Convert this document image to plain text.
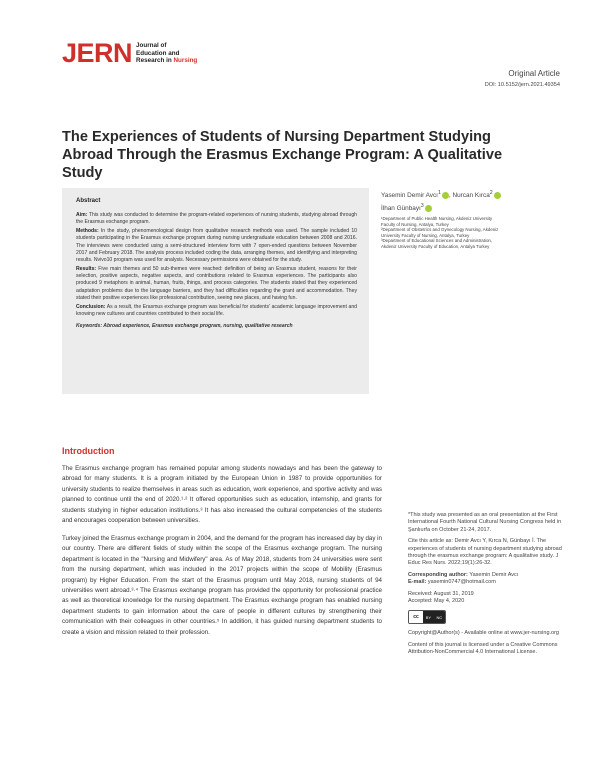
JERN Journal of
Education and
Research in Nursing
Original Article
DOI: 10.5152/jern.2021.49354
The Experiences of Students of Nursing Department Studying Abroad Through the Erasmus Exchange Program: A Qualitative Study
Abstract

Aim: This study was conducted to determine the program-related experiences of nursing students, studying abroad through the Erasmus exchange program.

Methods: In the study, phenomenological design from qualitative research methods was used. The sample included 10 students participating in the Erasmus exchange program during nursing undergraduate education between 2008 and 2016. The interviews were conducted using a semi-structured interview form with 7 open-ended questions between November 2017 and February 2018. The analysis process included coding the data, arranging themes, and identifying and interpreting results. Nvivo10 program was used for analysis. Necessary permissions were obtained for the study.

Results: Five main themes and 50 sub-themes were reached: definition of being an Erasmus student, reasons for their selection, positive aspects, negative aspects, and contributions related to Erasmus experiences. The participants also produced 9 metaphors in animal, human, fruits, things, and process categories. The students stated that they experienced adaptation problems due to the language barriers, and they had difficulties regarding the grant and accommodation. They stated their positive experiences like professional contribution, seeing new places, and having fun.

Conclusion: As a result, the Erasmus exchange program was beneficial for students' academic language improvement and knowing new cultures and countries contributed to their social life.

Keywords: Abroad experience, Erasmus exchange program, nursing, qualitative research

Yasemin Demir Avcı$^1$ , Nurcan Kırca$^2$
İlhan Günbayı$^3$
¹Department of Public Health Nursing, Akdeniz University Faculty of Nursing, Antalya, Turkey
²Department of Obstetrics and Gynecology Nursing, Akdeniz University Faculty of Nursing, Antalya, Turkey
³Department of Educational Sciences and Administration, Akdeniz University Faculty of Education, Antalya Turkey
Introduction

The Erasmus exchange program has remained popular among students nowadays and has been the gateway to abroad for many students. It is a program initiated by the European Union in 1987 to provide opportunities for university students to realize themselves in areas such as education, work experience, and sportive activity and was planned to continue until the end of 2020.¹·² It offered opportunities such as education, internship, and grants for students studying in higher education institutions.³ It has also increased the cultural competencies of the students and encourages cooperation between universities.

Turkey joined the Erasmus exchange program in 2004, and the demand for the program has increased day by day in our country. There are different fields of study within the scope of the Erasmus exchange program. The nursing department is located in the "Nursing and Midwifery" area. As of May 2018, students from 24 universities were sent from the nursing department, which was included in the 2017 projects within the scope of Mobility (Erasmus program) by Higher Education. From the start of the Erasmus program until May 2018, nursing students of 94 universities went abroad.³·⁴ The Erasmus exchange program has provided the opportunity for professional practice as well as theoretical knowledge for the nursing department. The Erasmus exchange program has enabled nursing department students to gain information about the care of people in different cultures by strengthening their communication with their colleagues in other countries.⁵ In addition, it has guided nursing department students to create a vision and mission related to their profession.

*This study was presented as an oral presentation at the First International Fourth National Cultural Nursing Congress held in Şanlıurfa on October 21-24, 2017.

Cite this article as: Demir Avcı Y, Kırca N, Günbayı İ. The experiences of students of nursing department studying abroad through the erasmus exchange program: A qualitative study. J Educ Res Nurs. 2022;19(1):26-32.

Corresponding author: Yasemin Demir Avcı
E-mail: yasemin0747@hotmail.com

Received: August 31, 2019
Accepted: May 4, 2020

cc	BY NC

Copyright@Author(s) - Available online at www.jer-nursing.org

Content of this journal is licensed under a Creative Commons Attribution-NonCommercial 4.0 International License.
